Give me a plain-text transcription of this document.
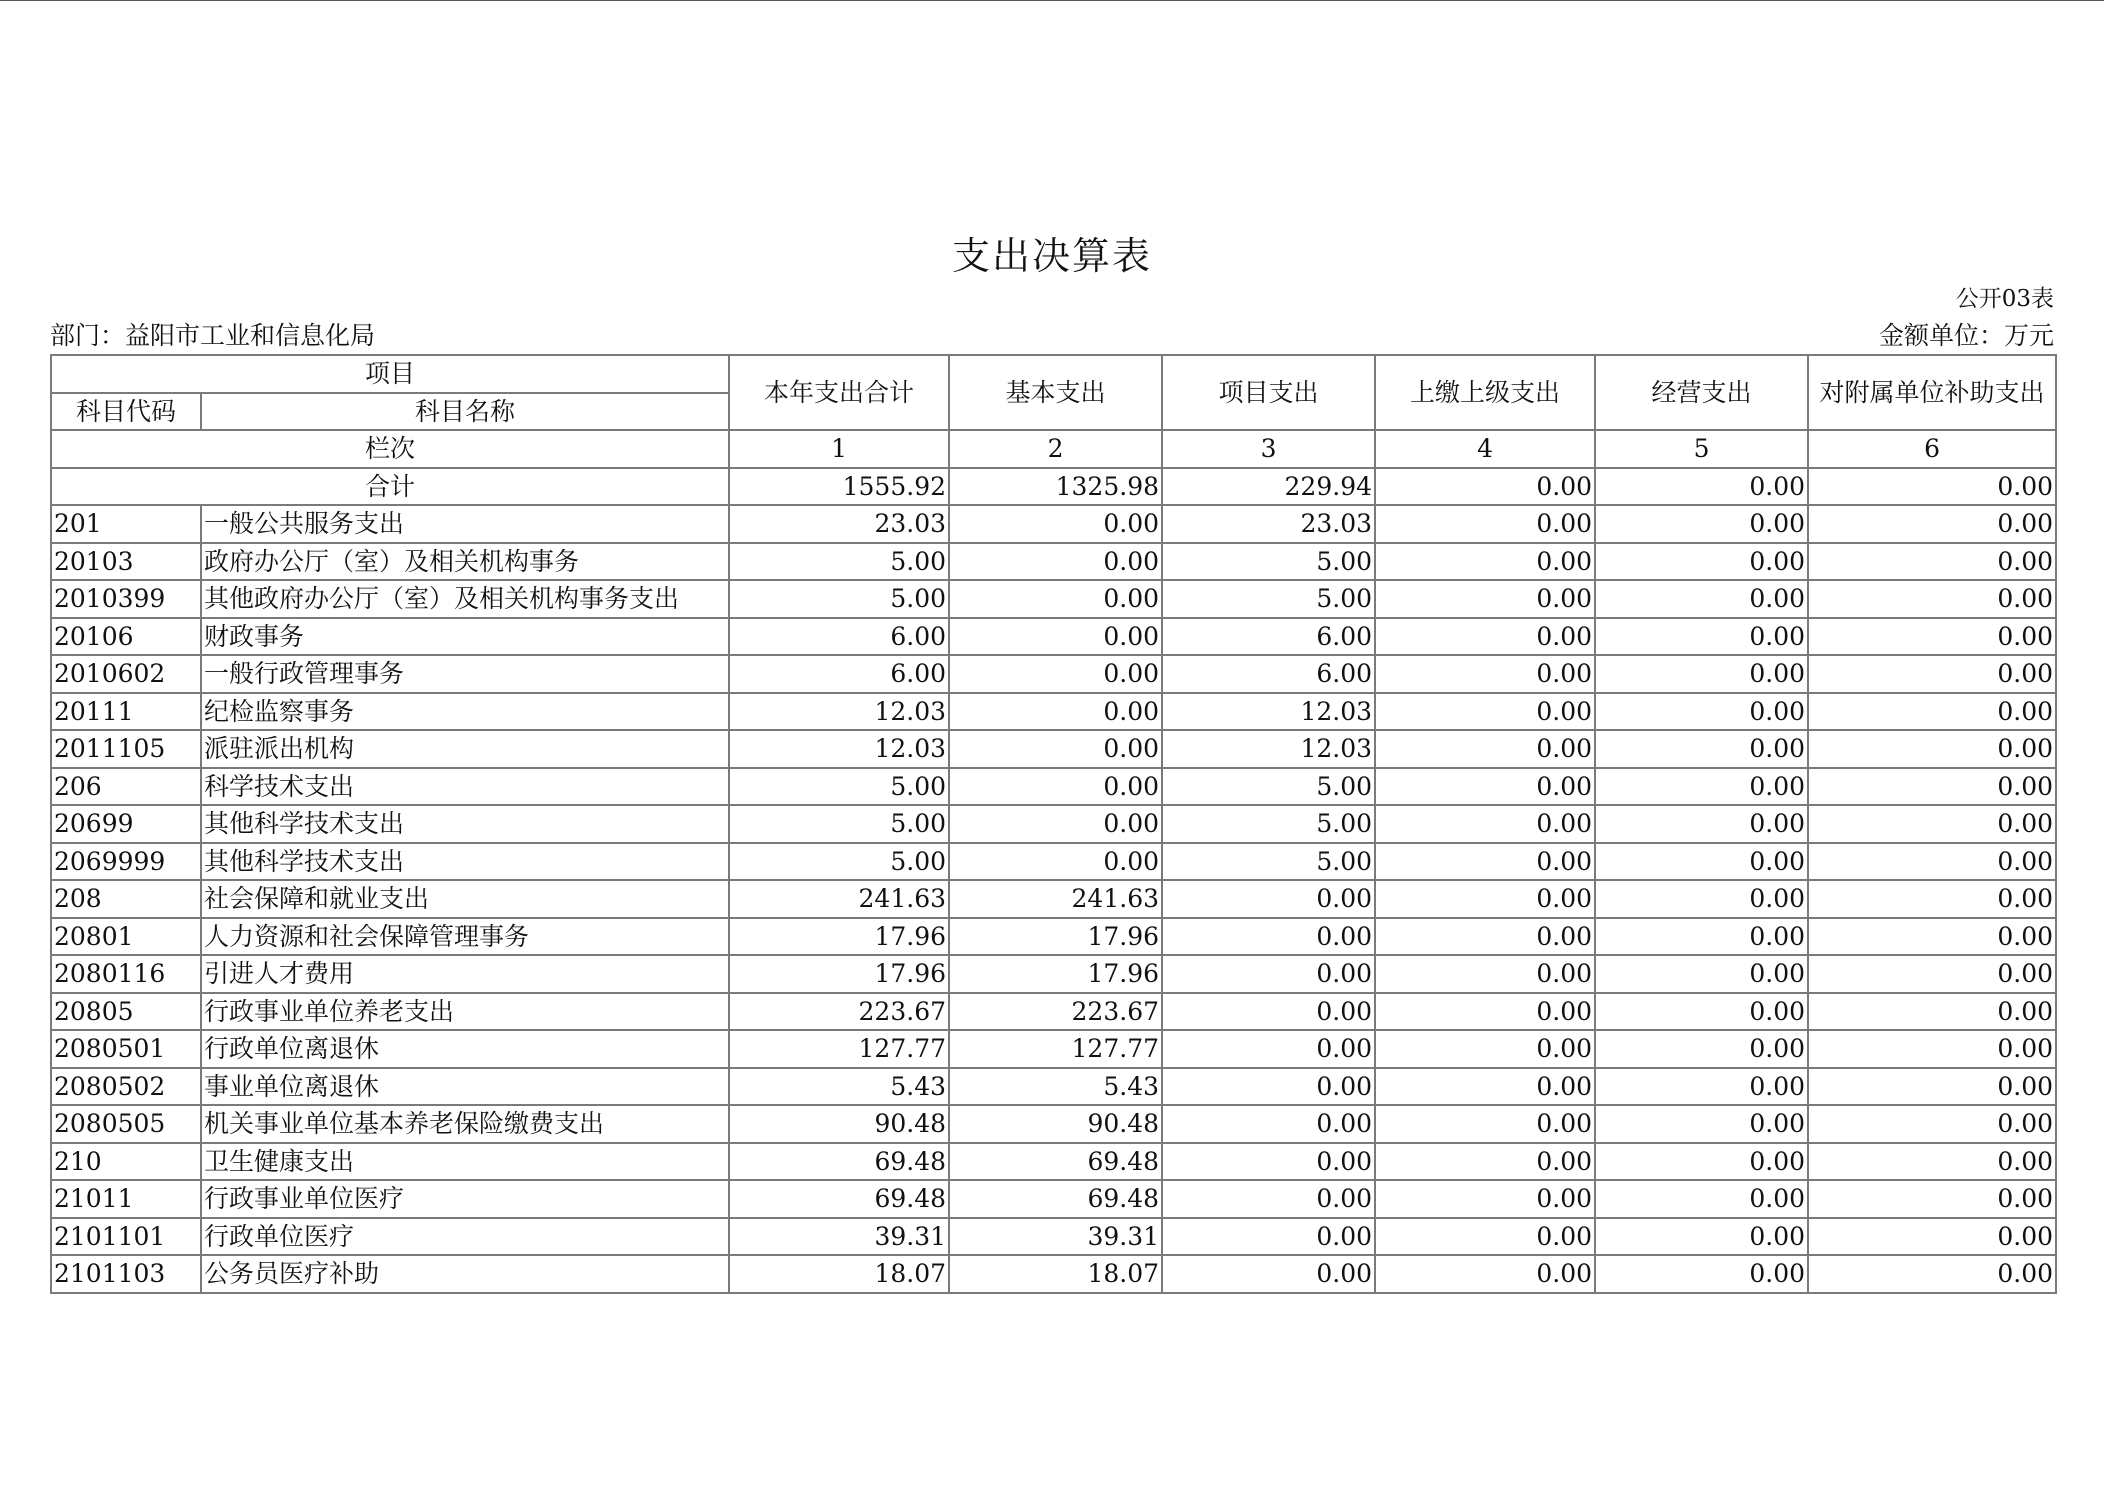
支出决算表
公开03表
部门：益阳市工业和信息化局	金额单位：万元
项目		本年支出合计	基本支出	项目支出	上缴上级支出	经营支出	对附属单位补助支出
科目代码	科目名称						
栏次		1	2	3	4	5	6
合计		1555.92	1325.98	229.94	0.00	0.00	0.00
201	一般公共服务支出	23.03	0.00	23.03	0.00	0.00	0.00
20103	政府办公厅（室）及相关机构事务	5.00	0.00	5.00	0.00	0.00	0.00
2010399	其他政府办公厅（室）及相关机构事务支出	5.00	0.00	5.00	0.00	0.00	0.00
20106	财政事务	6.00	0.00	6.00	0.00	0.00	0.00
2010602	一般行政管理事务	6.00	0.00	6.00	0.00	0.00	0.00
20111	纪检监察事务	12.03	0.00	12.03	0.00	0.00	0.00
2011105	派驻派出机构	12.03	0.00	12.03	0.00	0.00	0.00
206	科学技术支出	5.00	0.00	5.00	0.00	0.00	0.00
20699	其他科学技术支出	5.00	0.00	5.00	0.00	0.00	0.00
2069999	其他科学技术支出	5.00	0.00	5.00	0.00	0.00	0.00
208	社会保障和就业支出	241.63	241.63	0.00	0.00	0.00	0.00
20801	人力资源和社会保障管理事务	17.96	17.96	0.00	0.00	0.00	0.00
2080116	引进人才费用	17.96	17.96	0.00	0.00	0.00	0.00
20805	行政事业单位养老支出	223.67	223.67	0.00	0.00	0.00	0.00
2080501	行政单位离退休	127.77	127.77	0.00	0.00	0.00	0.00
2080502	事业单位离退休	5.43	5.43	0.00	0.00	0.00	0.00
2080505	机关事业单位基本养老保险缴费支出	90.48	90.48	0.00	0.00	0.00	0.00
210	卫生健康支出	69.48	69.48	0.00	0.00	0.00	0.00
21011	行政事业单位医疗	69.48	69.48	0.00	0.00	0.00	0.00
2101101	行政单位医疗	39.31	39.31	0.00	0.00	0.00	0.00
2101103	公务员医疗补助	18.07	18.07	0.00	0.00	0.00	0.00
